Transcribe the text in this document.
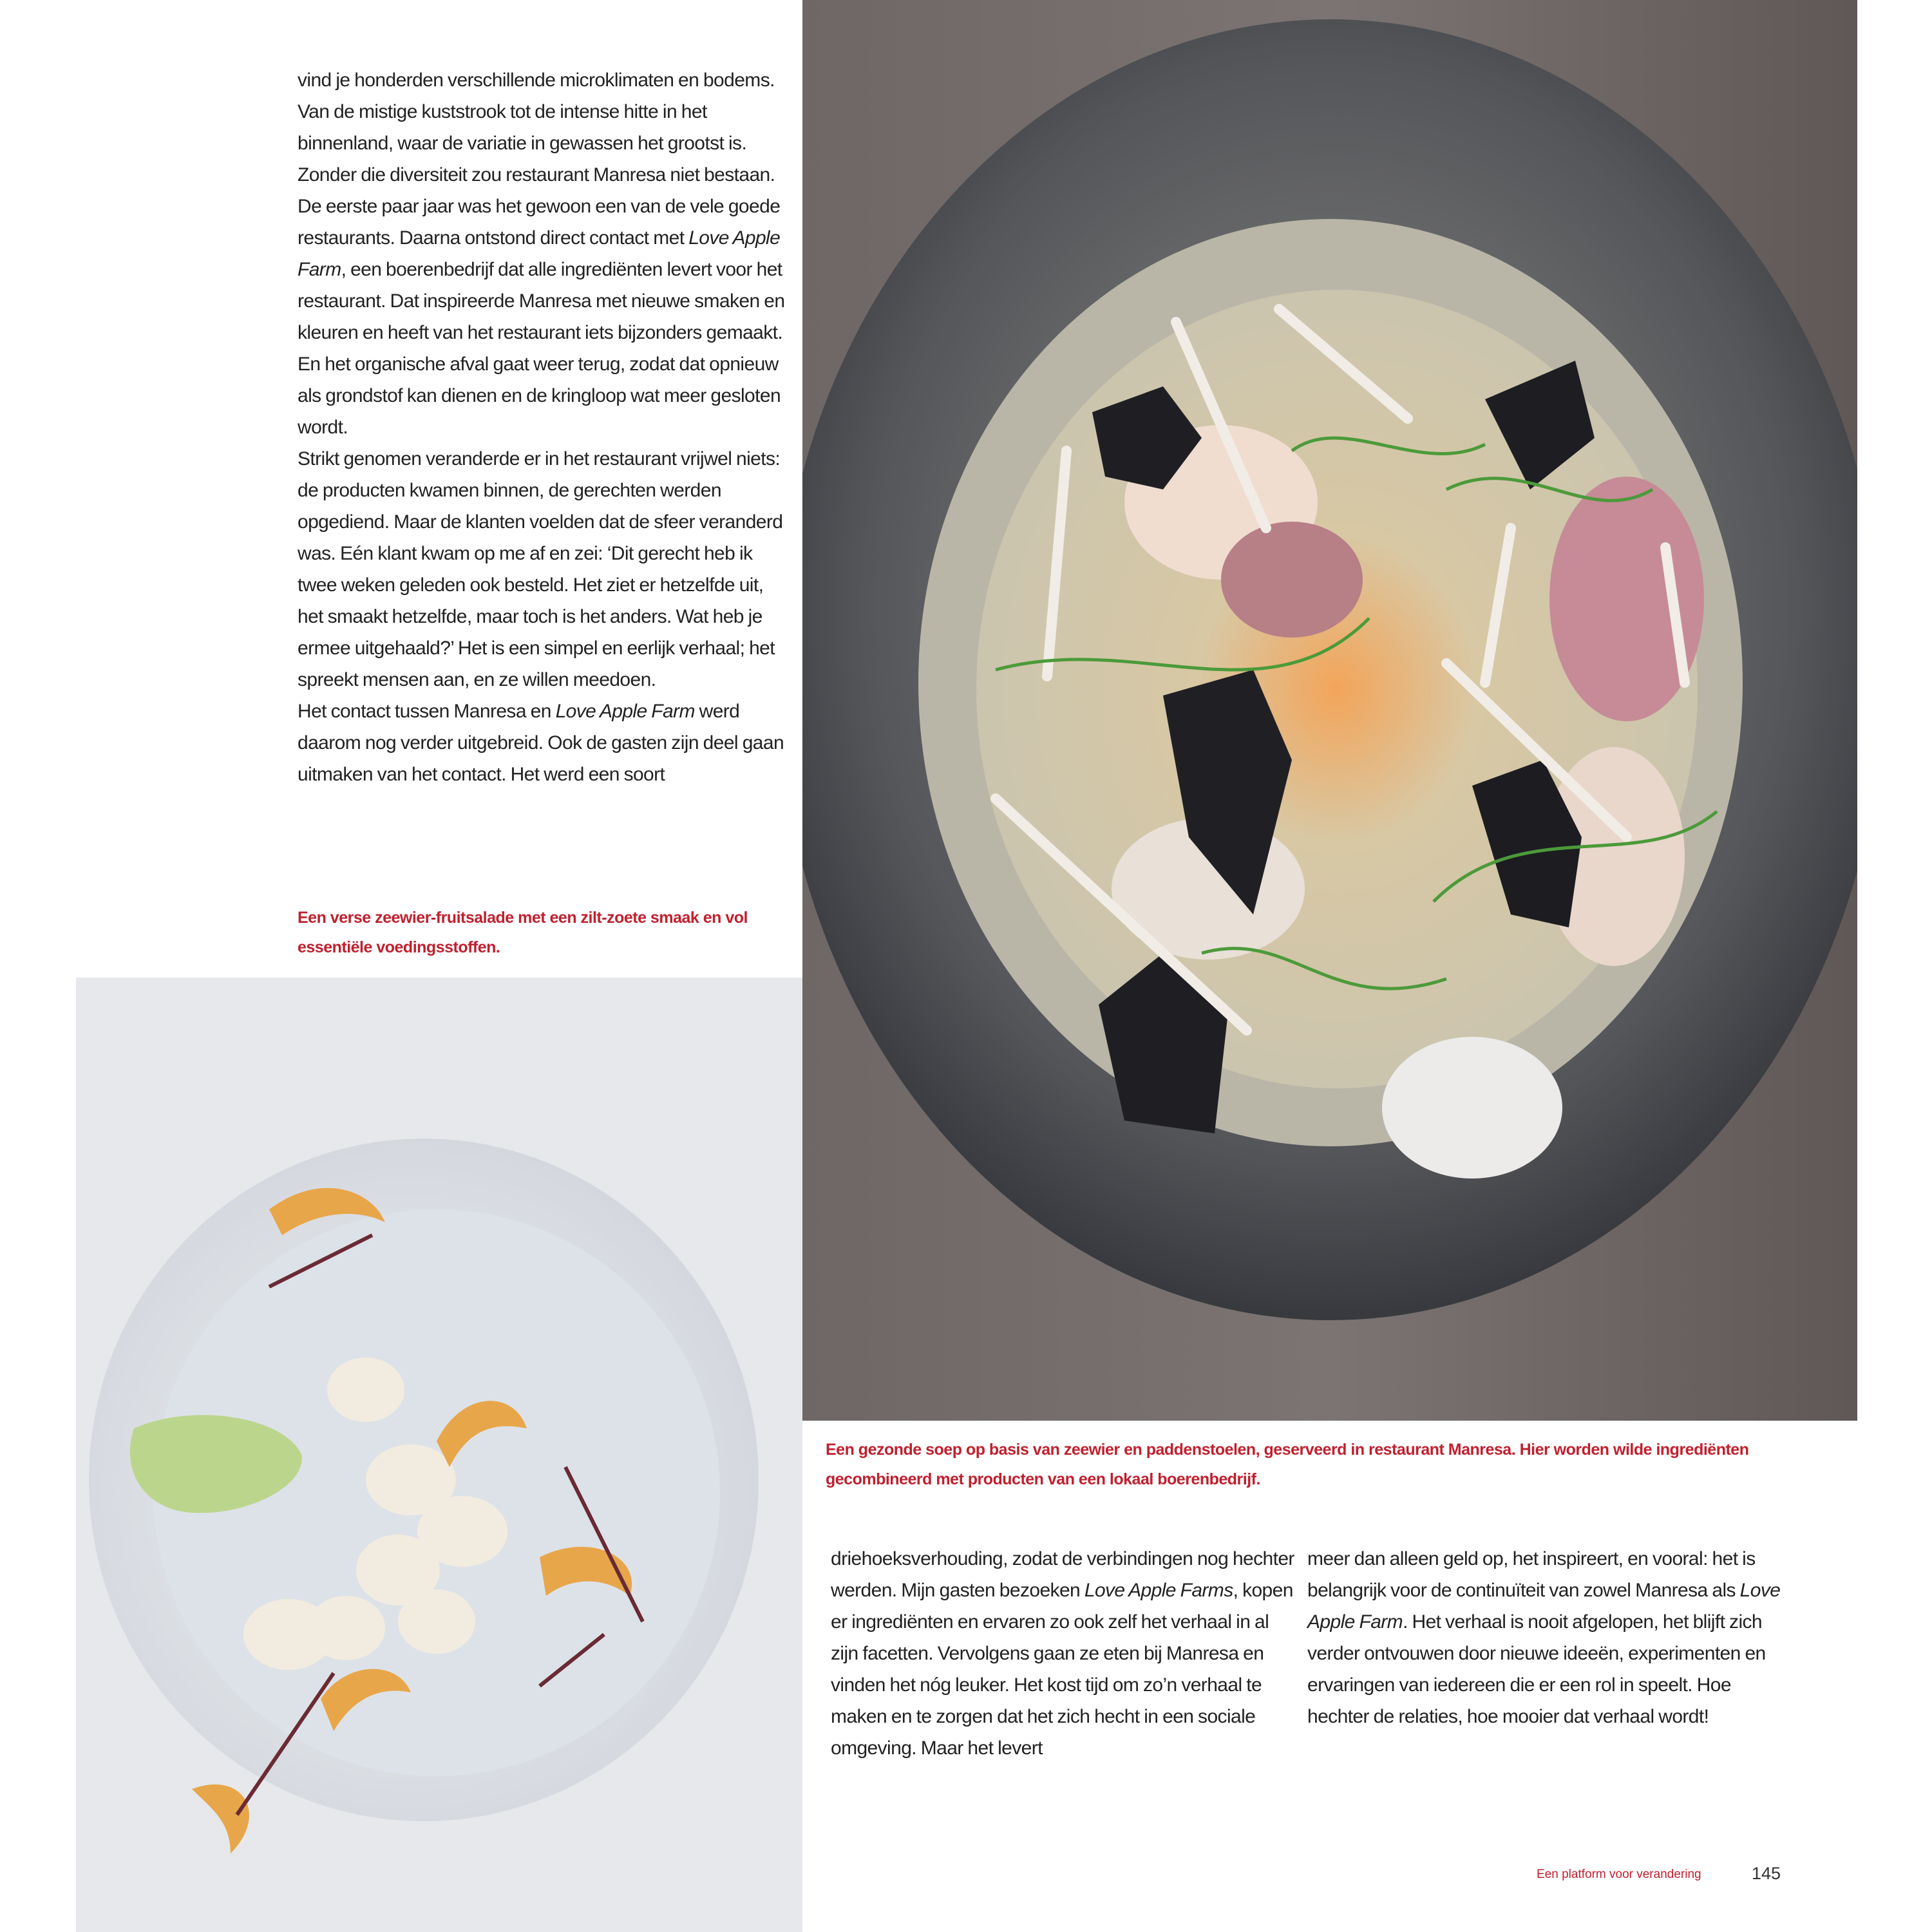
vind je honderden verschillende microklimaten en bodems. Van de mistige kuststrook tot de intense hitte in het binnenland, waar de variatie in gewassen het grootst is. Zonder die diversiteit zou restaurant Manresa niet bestaan. De eerste paar jaar was het gewoon een van de vele goede restaurants. Daarna ontstond direct contact met Love Apple Farm, een boerenbedrijf dat alle ingrediënten levert voor het restaurant. Dat inspireerde Manresa met nieuwe smaken en kleuren en heeft van het restaurant iets bijzonders gemaakt. En het organische afval gaat weer terug, zodat dat opnieuw als grondstof kan dienen en de kringloop wat meer gesloten wordt.

Strikt genomen veranderde er in het restaurant vrijwel niets: de producten kwamen binnen, de gerechten werden opgediend. Maar de klanten voelden dat de sfeer veranderd was. Eén klant kwam op me af en zei: ‘Dit gerecht heb ik twee weken geleden ook besteld. Het ziet er hetzelfde uit, het smaakt hetzelfde, maar toch is het anders. Wat heb je ermee uitgehaald?’ Het is een simpel en eerlijk verhaal; het spreekt mensen aan, en ze willen meedoen.

Het contact tussen Manresa en Love Apple Farm werd daarom nog verder uitgebreid. Ook de gasten zijn deel gaan uitmaken van het contact. Het werd een soort

Een verse zeewier-fruitsalade met een zilt-zoete smaak en vol essentiële voedingsstoffen.
Een gezonde soep op basis van zeewier en paddenstoelen, geserveerd in restaurant Manresa. Hier worden wilde ingrediënten gecombineerd met producten van een lokaal boerenbedrijf.

driehoeksverhouding, zodat de verbindingen nog hechter werden. Mijn gasten bezoeken Love Apple Farms, kopen er ingrediënten en ervaren zo ook zelf het verhaal in al zijn facetten. Vervolgens gaan ze eten bij Manresa en vinden het nóg leuker. Het kost tijd om zo’n verhaal te maken en te zorgen dat het zich hecht in een sociale omgeving. Maar het levert

meer dan alleen geld op, het inspireert, en vooral: het is belangrijk voor de continuïteit van zowel Manresa als Love Apple Farm. Het verhaal is nooit afgelopen, het blijft zich verder ontvouwen door nieuwe ideeën, experimenten en ervaringen van iedereen die er een rol in speelt. Hoe hechter de relaties, hoe mooier dat verhaal wordt!

Een platform voor verandering	145
